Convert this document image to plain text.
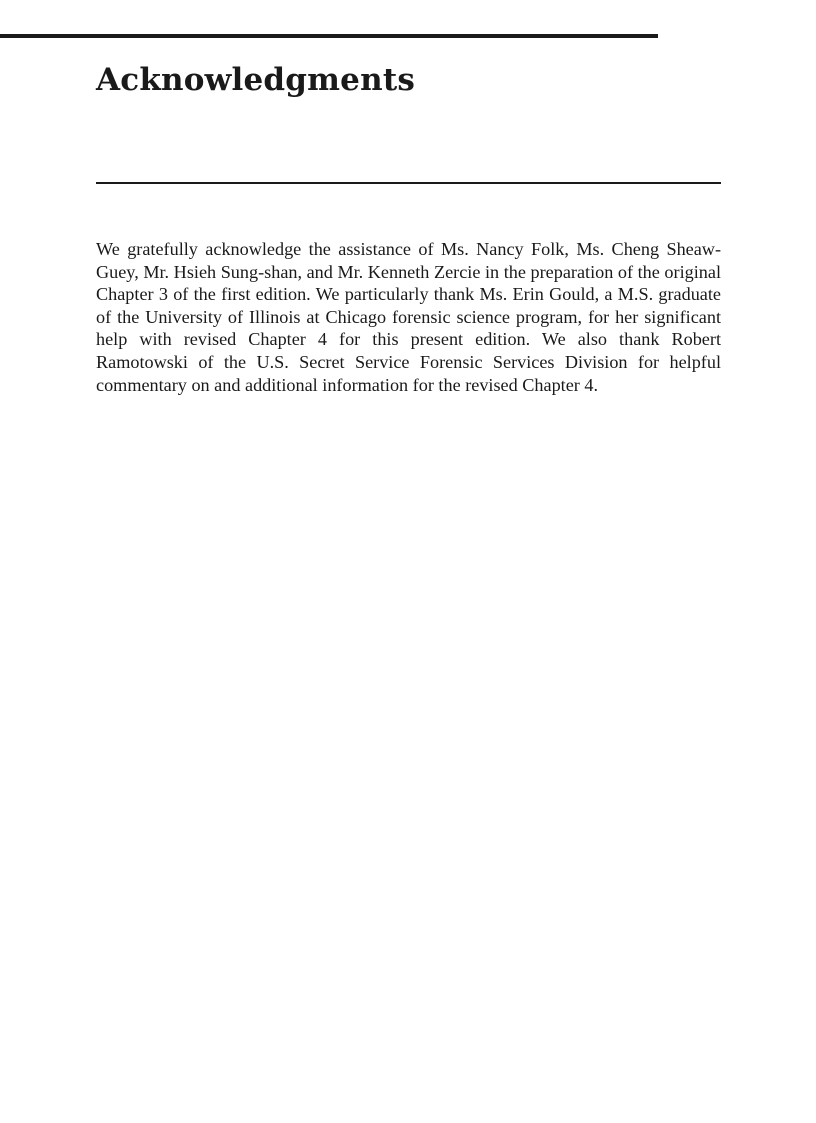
Acknowledgments

We gratefully acknowledge the assistance of Ms. Nancy Folk, Ms. Cheng Sheaw-Guey, Mr. Hsieh Sung-shan, and Mr. Kenneth Zercie in the preparation of the original Chapter 3 of the first edition. We particularly thank Ms. Erin Gould, a M.S. graduate of the University of Illinois at Chicago forensic science program, for her significant help with revised Chapter 4 for this present edition. We also thank Robert Ramotowski of the U.S. Secret Service Forensic Services Division for helpful commentary on and additional information for the revised Chapter 4.
